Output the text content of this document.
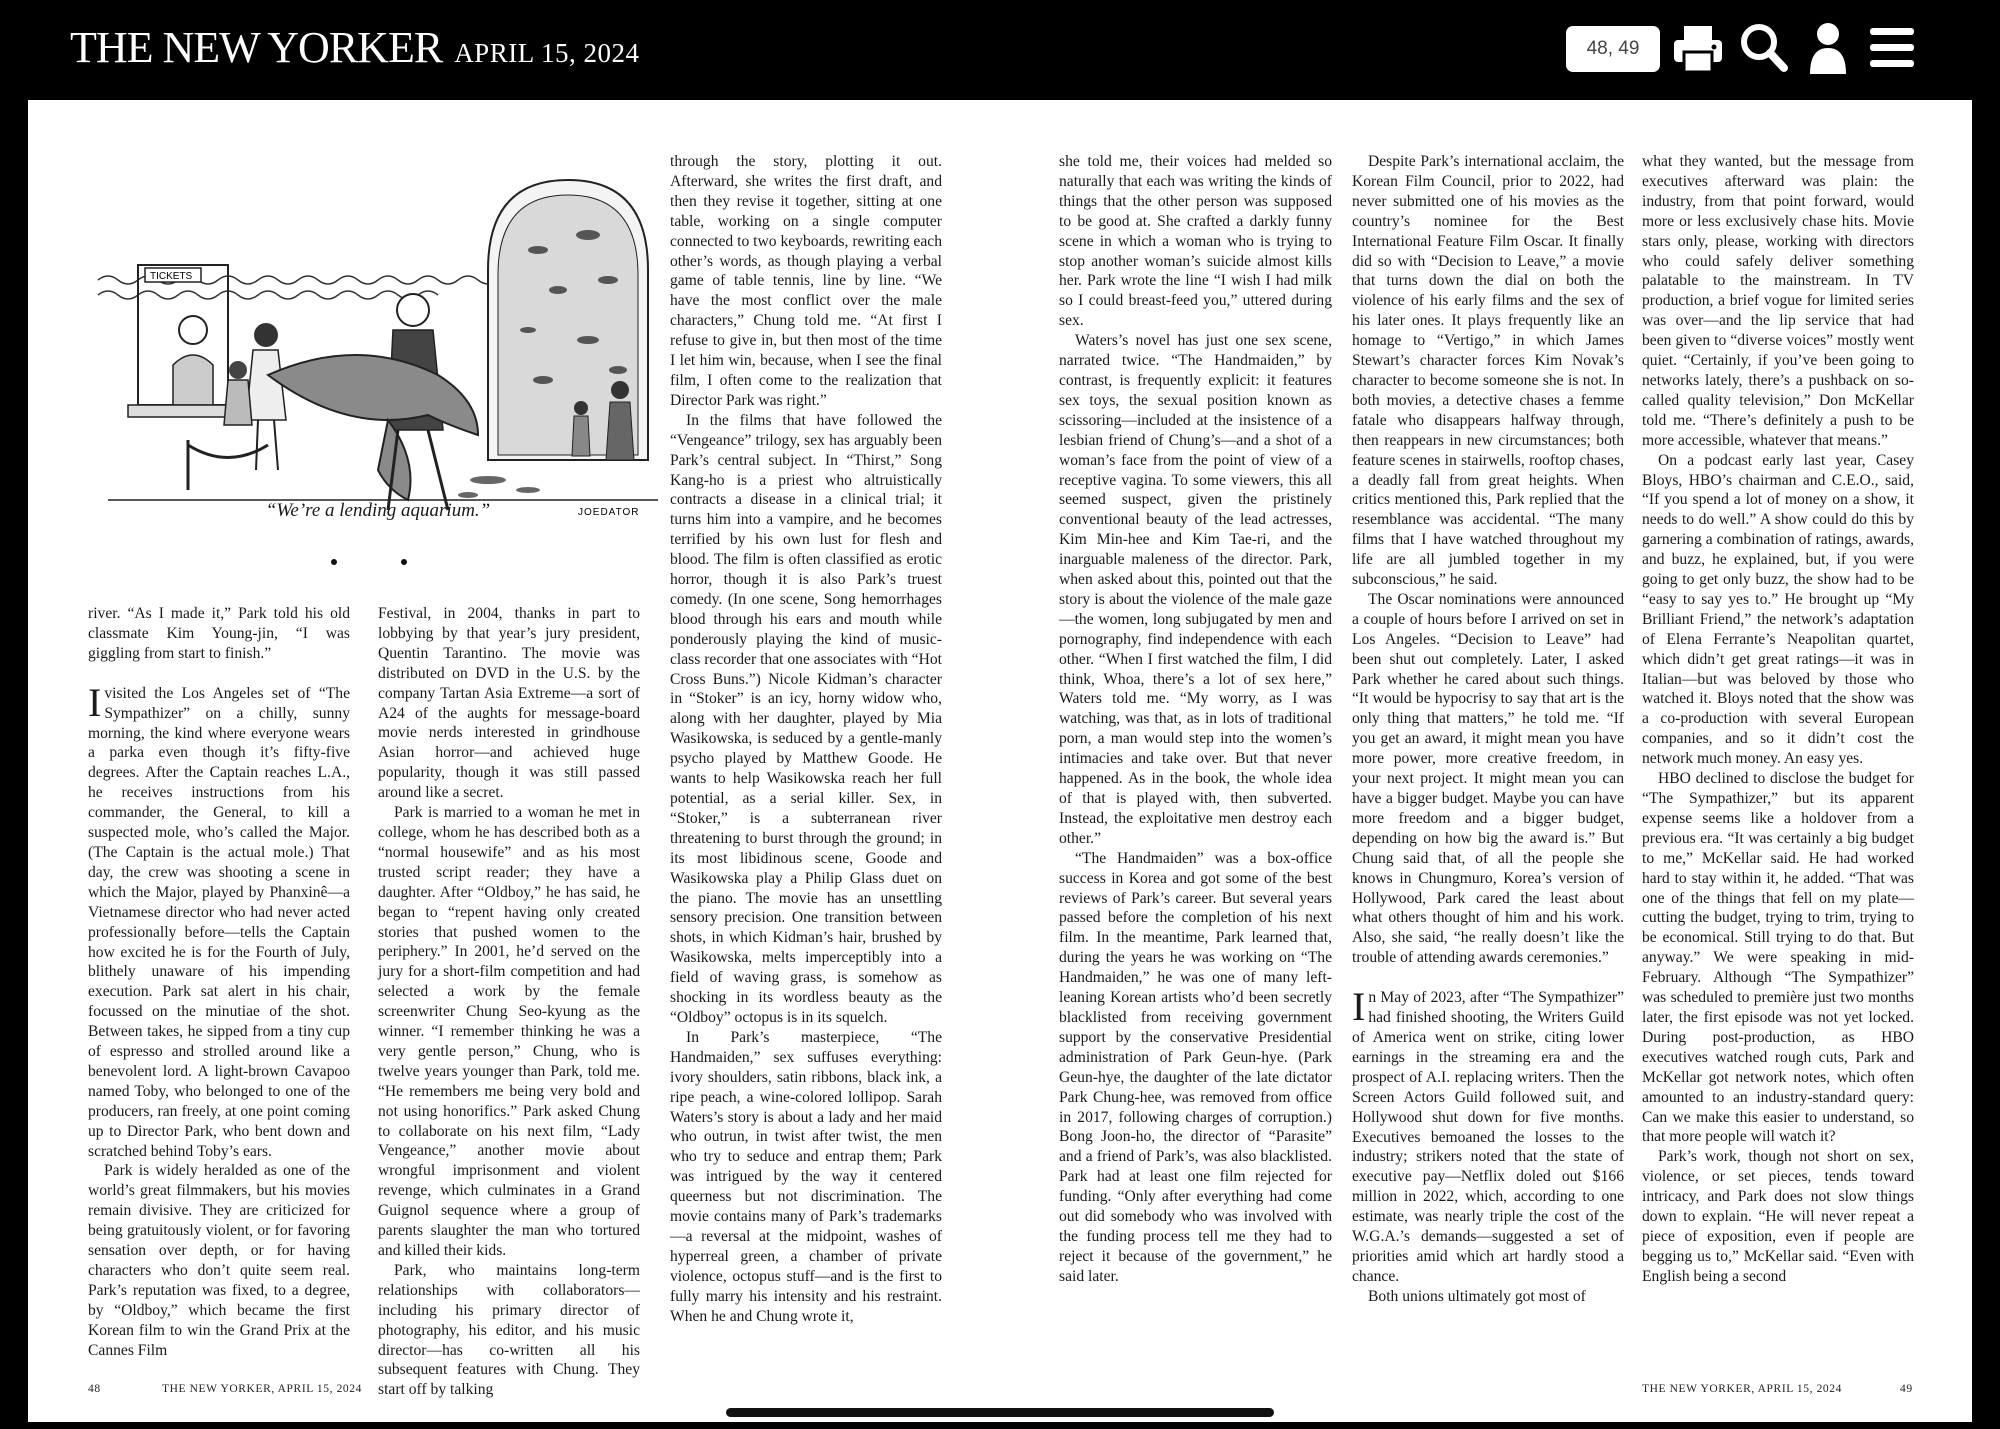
THE NEW YORKER APRIL 15, 2024	48, 49
TICKETS
JOEDATOR
“We’re a lending aquarium.”

river. “As I made it,” Park told his old classmate Kim Young-jin, “I was giggling from start to finish.”

Ivisited the Los Angeles set of “The Sympathizer” on a chilly, sunny morning, the kind where everyone wears a parka even though it’s fifty-five degrees. After the Captain reaches L.A., he receives instructions from his commander, the General, to kill a suspected mole, who’s called the Major. (The Captain is the actual mole.) That day, the crew was shooting a scene in which the Major, played by Phanxinê—a Vietnamese director who had never acted professionally before—tells the Captain how excited he is for the Fourth of July, blithely unaware of his impending execution. Park sat alert in his chair, focussed on the minutiae of the shot. Between takes, he sipped from a tiny cup of espresso and strolled around like a benevolent lord. A light-brown Cavapoo named Toby, who belonged to one of the producers, ran freely, at one point coming up to Director Park, who bent down and scratched behind Toby’s ears.

Park is widely heralded as one of the world’s great filmmakers, but his movies remain divisive. They are criticized for being gratuitously violent, or for favoring sensation over depth, or for having characters who don’t quite seem real. Park’s reputation was fixed, to a degree, by “Oldboy,” which became the first Korean film to win the Grand Prix at the Cannes Film

Festival, in 2004, thanks in part to lobbying by that year’s jury president, Quentin Tarantino. The movie was distributed on DVD in the U.S. by the company Tartan Asia Extreme—a sort of A24 of the aughts for message-board movie nerds interested in grindhouse Asian horror—and achieved huge popularity, though it was still passed around like a secret.

Park is married to a woman he met in college, whom he has described both as a “normal housewife” and as his most trusted script reader; they have a daughter. After “Oldboy,” he has said, he began to “repent having only created stories that pushed women to the periphery.” In 2001, he’d served on the jury for a short-film competition and had selected a work by the female screenwriter Chung Seo-kyung as the winner. “I remember thinking he was a very gentle person,” Chung, who is twelve years younger than Park, told me. “He remembers me being very bold and not using honorifics.” Park asked Chung to collaborate on his next film, “Lady Vengeance,” another movie about wrongful imprisonment and violent revenge, which culminates in a Grand Guignol sequence where a group of parents slaughter the man who tortured and killed their kids.

Park, who maintains long-term relationships with collaborators—including his primary director of photography, his editor, and his music director—has co-written all his subsequent features with Chung. They start off by talking

through the story, plotting it out. Afterward, she writes the first draft, and then they revise it together, sitting at one table, working on a single computer connected to two keyboards, rewriting each other’s words, as though playing a verbal game of table tennis, line by line. “We have the most conflict over the male characters,” Chung told me. “At first I refuse to give in, but then most of the time I let him win, because, when I see the final film, I often come to the realization that Director Park was right.”

In the films that have followed the “Vengeance” trilogy, sex has arguably been Park’s central subject. In “Thirst,” Song Kang-ho is a priest who altruistically contracts a disease in a clinical trial; it turns him into a vampire, and he becomes terrified by his own lust for flesh and blood. The film is often classified as erotic horror, though it is also Park’s truest comedy. (In one scene, Song hemorrhages blood through his ears and mouth while ponderously playing the kind of music-class recorder that one associates with “Hot Cross Buns.”) Nicole Kidman’s character in “Stoker” is an icy, horny widow who, along with her daughter, played by Mia Wasikowska, is seduced by a gentle-manly psycho played by Matthew Goode. He wants to help Wasikowska reach her full potential, as a serial killer. Sex, in “Stoker,” is a subterranean river threatening to burst through the ground; in its most libidinous scene, Goode and Wasikowska play a Philip Glass duet on the piano. The movie has an unsettling sensory precision. One transition between shots, in which Kidman’s hair, brushed by Wasikowska, melts imperceptibly into a field of waving grass, is somehow as shocking in its wordless beauty as the “Oldboy” octopus is in its squelch.

In Park’s masterpiece, “The Handmaiden,” sex suffuses everything: ivory shoulders, satin ribbons, black ink, a ripe peach, a wine-colored lollipop. Sarah Waters’s story is about a lady and her maid who outrun, in twist after twist, the men who try to seduce and entrap them; Park was intrigued by the way it centered queerness but not discrimination. The movie contains many of Park’s trademarks—a reversal at the midpoint, washes of hyperreal green, a chamber of private violence, octopus stuff—and is the first to fully marry his intensity and his restraint. When he and Chung wrote it,

she told me, their voices had melded so naturally that each was writing the kinds of things that the other person was supposed to be good at. She crafted a darkly funny scene in which a woman who is trying to stop another woman’s suicide almost kills her. Park wrote the line “I wish I had milk so I could breast-feed you,” uttered during sex.

Waters’s novel has just one sex scene, narrated twice. “The Handmaiden,” by contrast, is frequently explicit: it features sex toys, the sexual position known as scissoring—included at the insistence of a lesbian friend of Chung’s—and a shot of a woman’s face from the point of view of a receptive vagina. To some viewers, this all seemed suspect, given the pristinely conventional beauty of the lead actresses, Kim Min-hee and Kim Tae-ri, and the inarguable maleness of the director. Park, when asked about this, pointed out that the story is about the violence of the male gaze—the women, long subjugated by men and pornography, find independence with each other. “When I first watched the film, I did think, Whoa, there’s a lot of sex here,” Waters told me. “My worry, as I was watching, was that, as in lots of traditional porn, a man would step into the women’s intimacies and take over. But that never happened. As in the book, the whole idea of that is played with, then subverted. Instead, the exploitative men destroy each other.”

“The Handmaiden” was a box-office success in Korea and got some of the best reviews of Park’s career. But several years passed before the completion of his next film. In the meantime, Park learned that, during the years he was working on “The Handmaiden,” he was one of many left-leaning Korean artists who’d been secretly blacklisted from receiving government support by the conservative Presidential administration of Park Geun-hye. (Park Geun-hye, the daughter of the late dictator Park Chung-hee, was removed from office in 2017, following charges of corruption.) Bong Joon-ho, the director of “Parasite” and a friend of Park’s, was also blacklisted. Park had at least one film rejected for funding. “Only after everything had come out did somebody who was involved with the funding process tell me they had to reject it because of the government,” he said later.

Despite Park’s international acclaim, the Korean Film Council, prior to 2022, had never submitted one of his movies as the country’s nominee for the Best International Feature Film Oscar. It finally did so with “Decision to Leave,” a movie that turns down the dial on both the violence of his early films and the sex of his later ones. It plays frequently like an homage to “Vertigo,” in which James Stewart’s character forces Kim Novak’s character to become someone she is not. In both movies, a detective chases a femme fatale who disappears halfway through, then reappears in new circumstances; both feature scenes in stairwells, rooftop chases, a deadly fall from great heights. When critics mentioned this, Park replied that the resemblance was accidental. “The many films that I have watched throughout my life are all jumbled together in my subconscious,” he said.

The Oscar nominations were announced a couple of hours before I arrived on set in Los Angeles. “Decision to Leave” had been shut out completely. Later, I asked Park whether he cared about such things. “It would be hypocrisy to say that art is the only thing that matters,” he told me. “If you get an award, it might mean you have more power, more creative freedom, in your next project. It might mean you can have a bigger budget. Maybe you can have more freedom and a bigger budget, depending on how big the award is.” But Chung said that, of all the people she knows in Chungmuro, Korea’s version of Hollywood, Park cared the least about what others thought of him and his work. Also, she said, “he really doesn’t like the trouble of attending awards ceremonies.”

In May of 2023, after “The Sympathizer” had finished shooting, the Writers Guild of America went on strike, citing lower earnings in the streaming era and the prospect of A.I. replacing writers. Then the Screen Actors Guild followed suit, and Hollywood shut down for five months. Executives bemoaned the losses to the industry; strikers noted that the state of executive pay—Netflix doled out $166 million in 2022, which, according to one estimate, was nearly triple the cost of the W.G.A.’s demands—suggested a set of priorities amid which art hardly stood a chance.

Both unions ultimately got most of

what they wanted, but the message from executives afterward was plain: the industry, from that point forward, would more or less exclusively chase hits. Movie stars only, please, working with directors who could safely deliver something palatable to the mainstream. In TV production, a brief vogue for limited series was over—and the lip service that had been given to “diverse voices” mostly went quiet. “Certainly, if you’ve been going to networks lately, there’s a pushback on so-called quality television,” Don McKellar told me. “There’s definitely a push to be more accessible, whatever that means.”

On a podcast early last year, Casey Bloys, HBO’s chairman and C.E.O., said, “If you spend a lot of money on a show, it needs to do well.” A show could do this by garnering a combination of ratings, awards, and buzz, he explained, but, if you were going to get only buzz, the show had to be “easy to say yes to.” He brought up “My Brilliant Friend,” the network’s adaptation of Elena Ferrante’s Neapolitan quartet, which didn’t get great ratings—it was in Italian—but was beloved by those who watched it. Bloys noted that the show was a co-production with several European companies, and so it didn’t cost the network much money. An easy yes.

HBO declined to disclose the budget for “The Sympathizer,” but its apparent expense seems like a holdover from a previous era. “It was certainly a big budget to me,” McKellar said. He had worked hard to stay within it, he added. “That was one of the things that fell on my plate—cutting the budget, trying to trim, trying to be economical. Still trying to do that. But anyway.” We were speaking in mid-February. Although “The Sympathizer” was scheduled to première just two months later, the first episode was not yet locked. During post-production, as HBO executives watched rough cuts, Park and McKellar got network notes, which often amounted to an industry-standard query: Can we make this easier to understand, so that more people will watch it?

Park’s work, though not short on sex, violence, or set pieces, tends toward intricacy, and Park does not slow things down to explain. “He will never repeat a piece of exposition, even if people are begging us to,” McKellar said. “Even with English being a second

48	THE NEW YORKER, APRIL 15, 2024	THE NEW YORKER, APRIL 15, 2024	49
